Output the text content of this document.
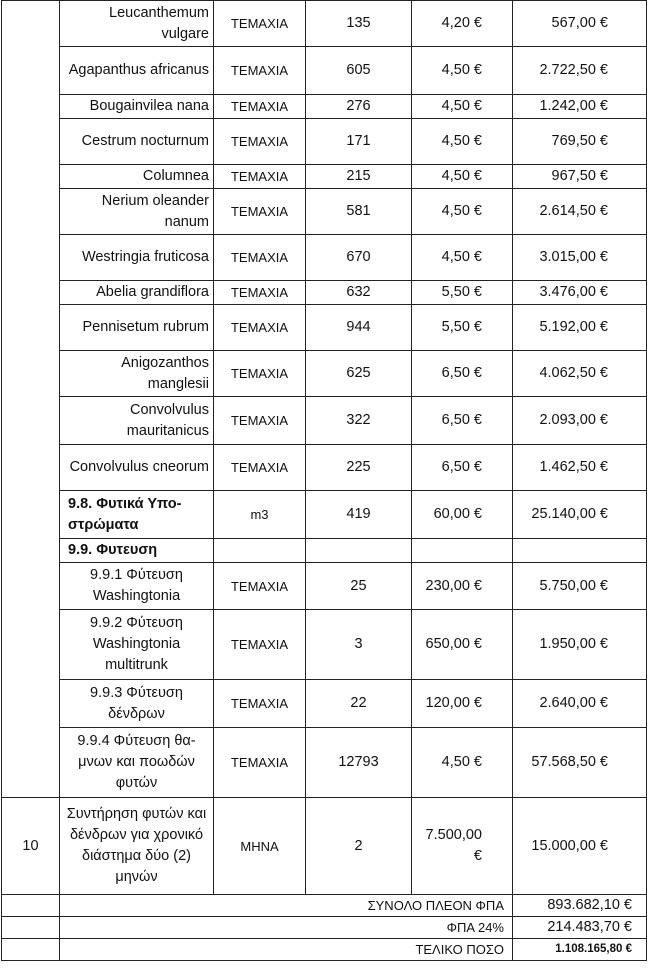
	Leucanthemum vulgare	ΤΕΜΑΧΙΑ	135	4,20 €	567,00 €
	Agapanthus africanus	ΤΕΜΑΧΙΑ	605	4,50 €	2.722,50 €
	Bougainvilea nana	ΤΕΜΑΧΙΑ	276	4,50 €	1.242,00 €
	Cestrum nocturnum	ΤΕΜΑΧΙΑ	171	4,50 €	769,50 €
	Columnea	ΤΕΜΑΧΙΑ	215	4,50 €	967,50 €
	Nerium oleander nanum	ΤΕΜΑΧΙΑ	581	4,50 €	2.614,50 €
	Westringia fruticosa	ΤΕΜΑΧΙΑ	670	4,50 €	3.015,00 €
	Abelia grandiflora	ΤΕΜΑΧΙΑ	632	5,50 €	3.476,00 €
	Pennisetum rubrum	ΤΕΜΑΧΙΑ	944	5,50 €	5.192,00 €
	Anigozanthos manglesii	ΤΕΜΑΧΙΑ	625	6,50 €	4.062,50 €
	Convolvulus mauritanicus	ΤΕΜΑΧΙΑ	322	6,50 €	2.093,00 €
	Convolvulus cneorum	ΤΕΜΑΧΙΑ	225	6,50 €	1.462,50 €
	9.8. Φυτικά Υπο-στρώματα	m3	419	60,00 €	25.140,00 €
	9.9. Φυτευση				
	9.9.1 Φύτευση Washingtonia	ΤΕΜΑΧΙΑ	25	230,00 €	5.750,00 €
	9.9.2 Φύτευση Washingtonia multitrunk	ΤΕΜΑΧΙΑ	3	650,00 €	1.950,00 €
	9.9.3 Φύτευση δένδρων	ΤΕΜΑΧΙΑ	22	120,00 €	2.640,00 €
	9.9.4 Φύτευση θα-μνων και ποωδών φυτών	ΤΕΜΑΧΙΑ	12793	4,50 €	57.568,50 €
10	Συντήρηση φυτών και δένδρων για χρονικό διάστημα δύο (2) μηνών	ΜΗΝΑ	2	7.500,00 €	15.000,00 €
	ΣΥΝΟΛΟ ΠΛΕΟΝ ΦΠΑ				893.682,10 €
	ΦΠΑ 24%				214.483,70 €
	ΤΕΛΙΚΟ ΠΟΣΟ				1.108.165,80 €
